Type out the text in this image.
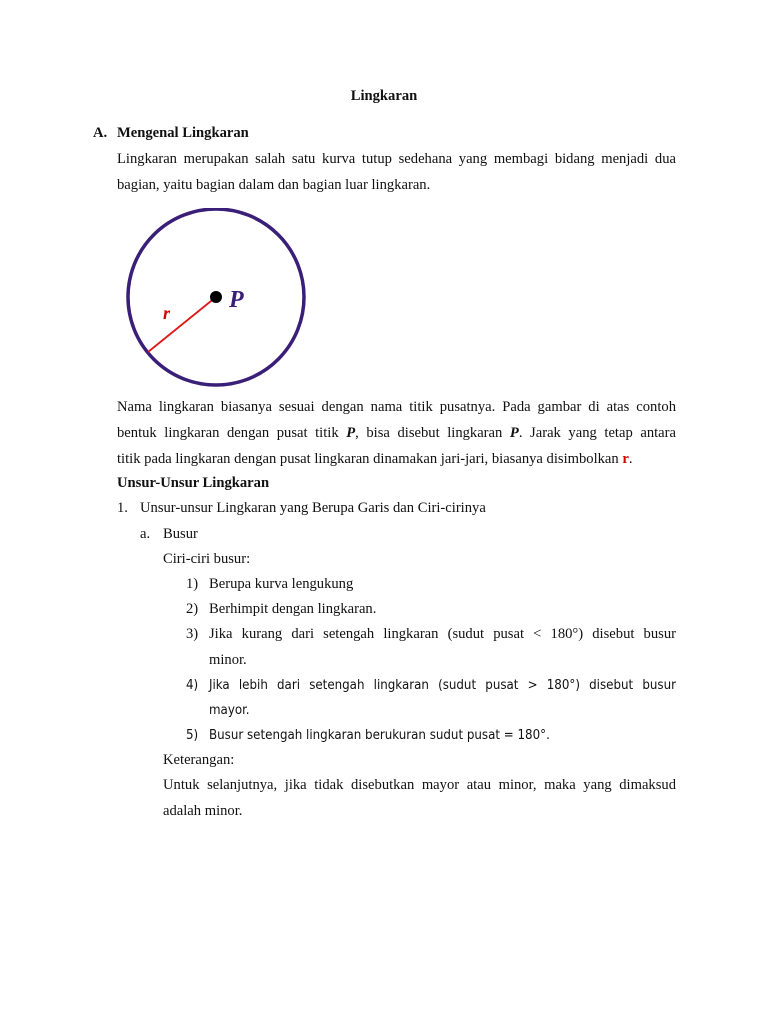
Lingkaran
A. Mengenal Lingkaran
Lingkaran merupakan salah satu kurva tutup sedehana yang membagi bidang menjadi dua
bagian, yaitu bagian dalam dan bagian luar lingkaran.
P
r
Nama lingkaran biasanya sesuai dengan nama titik pusatnya. Pada gambar di atas contoh
bentuk lingkaran dengan pusat titik P, bisa disebut lingkaran P. Jarak yang tetap antara
titik pada lingkaran dengan pusat lingkaran dinamakan jari-jari, biasanya disimbolkan r.
Unsur-Unsur Lingkaran
1. Unsur-unsur Lingkaran yang Berupa Garis dan Ciri-cirinya
a. Busur
Ciri-ciri busur:
1) Berupa kurva lengukung
2) Berhimpit dengan lingkaran.
3) Jika kurang dari setengah lingkaran (sudut pusat < 180°) disebut busur
minor.
4) Jika lebih dari setengah lingkaran (sudut pusat > 180°) disebut busur
mayor.
5) Busur setengah lingkaran berukuran sudut pusat = 180°.
Keterangan:
Untuk selanjutnya, jika tidak disebutkan mayor atau minor, maka yang dimaksud
adalah minor.
